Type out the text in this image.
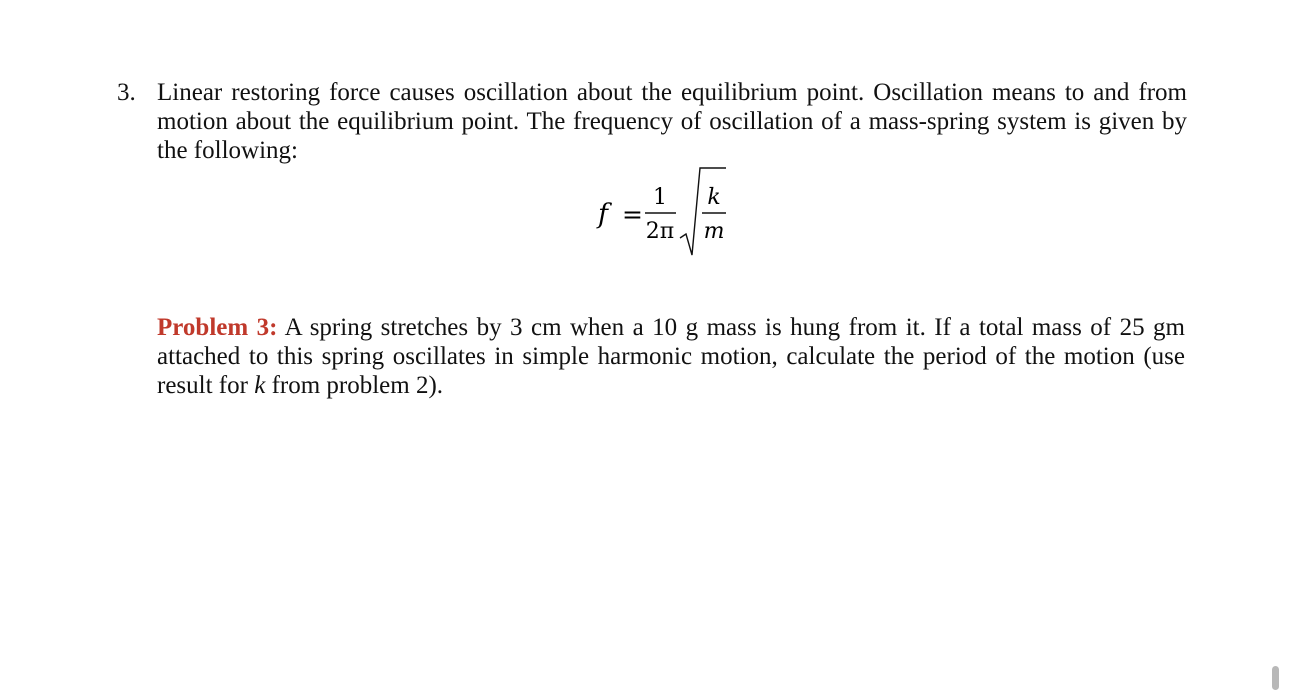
3. Linear restoring force causes oscillation about the equilibrium point. Oscillation means to and from motion about the equilibrium point. The frequency of oscillation of a mass-spring system is given by the following:
f =
1
2π
k
m
Problem 3: A spring stretches by 3 cm when a 10 g mass is hung from it. If a total mass of 25 gm attached to this spring oscillates in simple harmonic motion, calculate the period of the motion (use result for k from problem 2).
